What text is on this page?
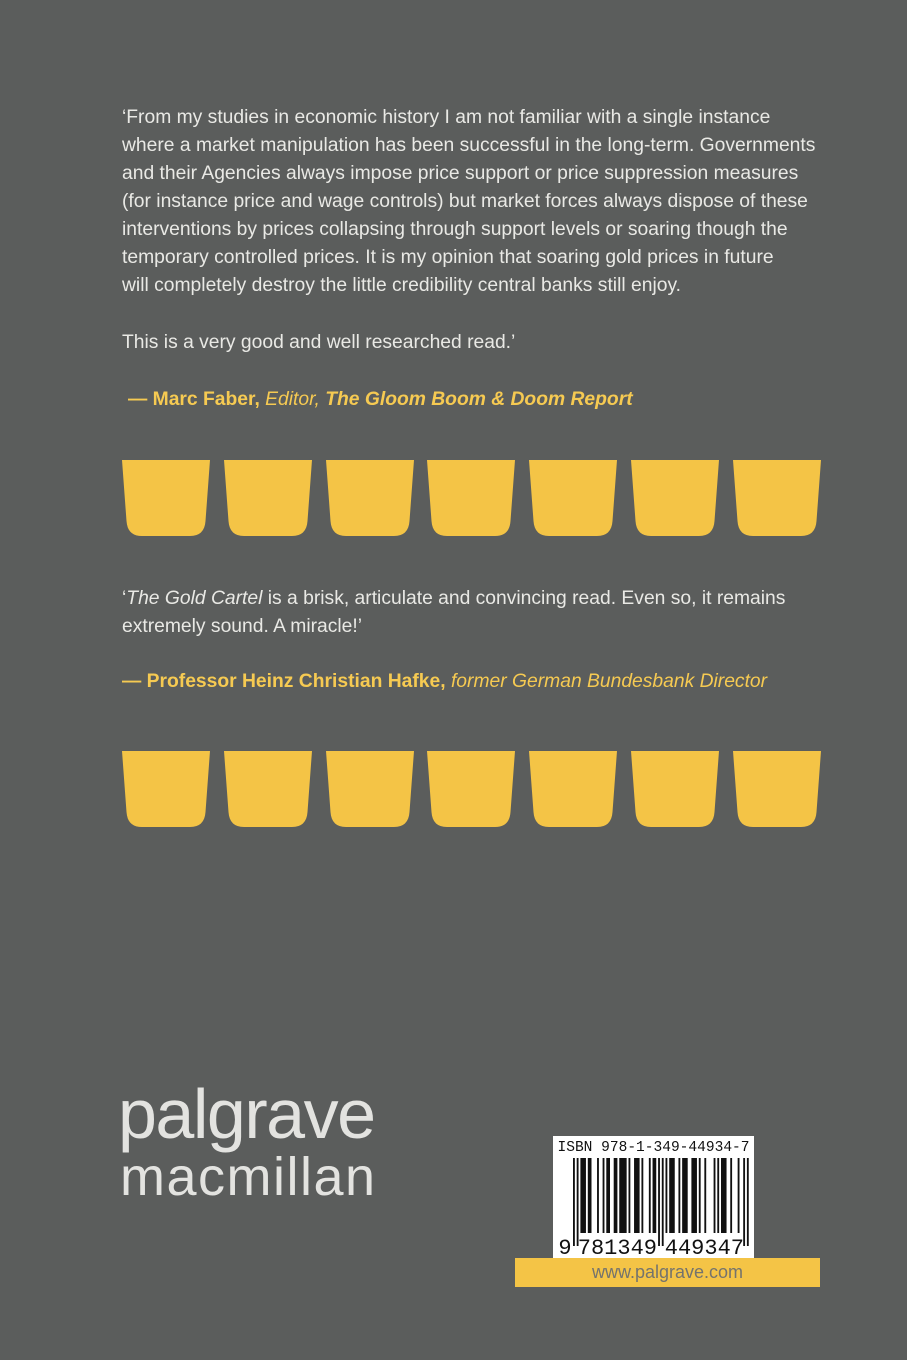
‘From my studies in economic history I am not familiar with a single instance
where a market manipulation has been successful in the long-term. Governments
and their Agencies always impose price support or price suppression measures
(for instance price and wage controls) but market forces always dispose of these
interventions by prices collapsing through support levels or soaring though the
temporary controlled prices. It is my opinion that soaring gold prices in future
will completely destroy the little credibility central banks still enjoy.
This is a very good and well researched read.’
— Marc Faber, Editor, The Gloom Boom & Doom Report
‘The Gold Cartel is a brisk, articulate and convincing read. Even so, it remains
extremely sound. A miracle!’
— Professor Heinz Christian Hafke, former German Bundesbank Director
palgrave
macmillan	ISBN 978-1-349-44934-7
9 781349 449347
www.palgrave.com
